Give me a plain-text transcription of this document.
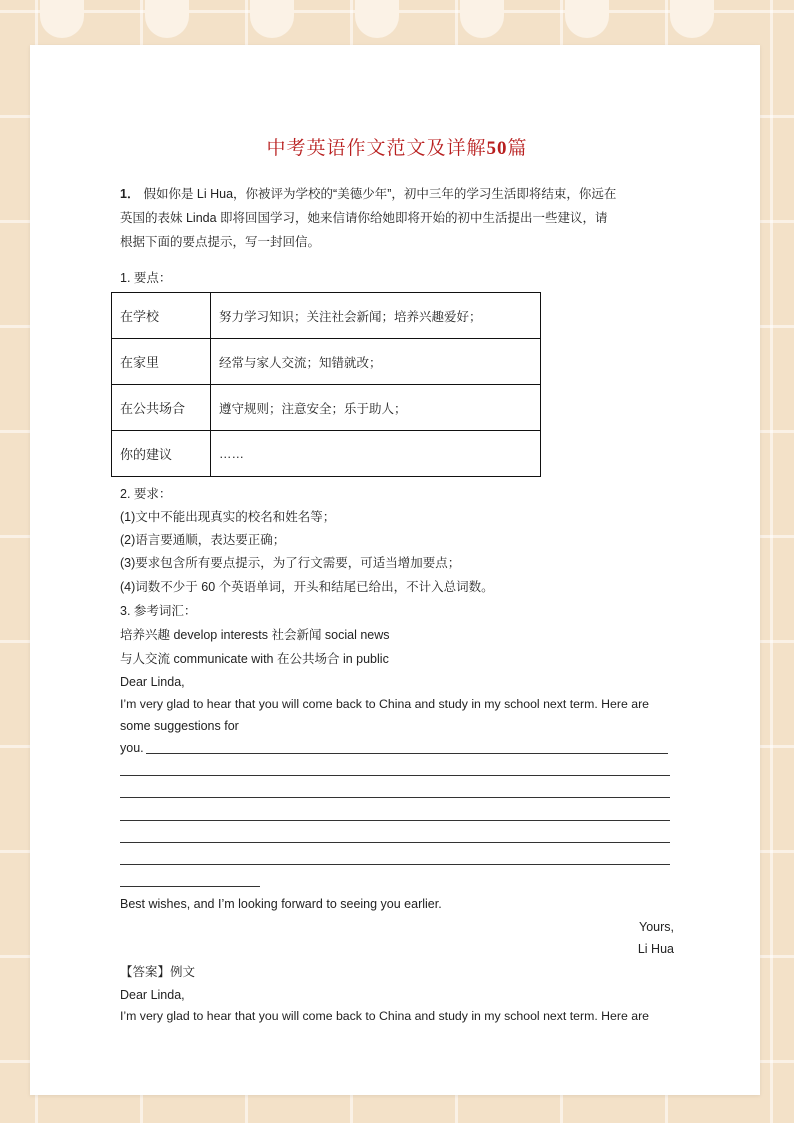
中考英语作文范文及详解50篇
1． 假如你是 Li Hua，你被评为学校的“美德少年”，初中三年的学习生活即将结束，你远在
英国的表妹 Linda 即将回国学习，她来信请你给她即将开始的初中生活提出一些建议，请
根据下面的要点提示，写一封回信。
1. 要点：
在学校	努力学习知识；关注社会新闻；培养兴趣爱好；
在家里	经常与家人交流；知错就改；
在公共场合	遵守规则；注意安全；乐于助人；
你的建议	……
2. 要求：
(1)文中不能出现真实的校名和姓名等；
(2)语言要通顺，表达要正确；
(3)要求包含所有要点提示，为了行文需要，可适当增加要点；
(4)词数不少于 60 个英语单词，开头和结尾已给出，不计入总词数。
3. 参考词汇：
培养兴趣 develop interests 社会新闻 social news
与人交流 communicate with 在公共场合 in public
Dear Linda,
I’m very glad to hear that you will come back to China and study in my school next term. Here are
some suggestions for
you.
Best wishes, and I’m looking forward to seeing you earlier.
Yours,
Li Hua
【答案】例文
Dear Linda,
I’m very glad to hear that you will come back to China and study in my school next term. Here are
